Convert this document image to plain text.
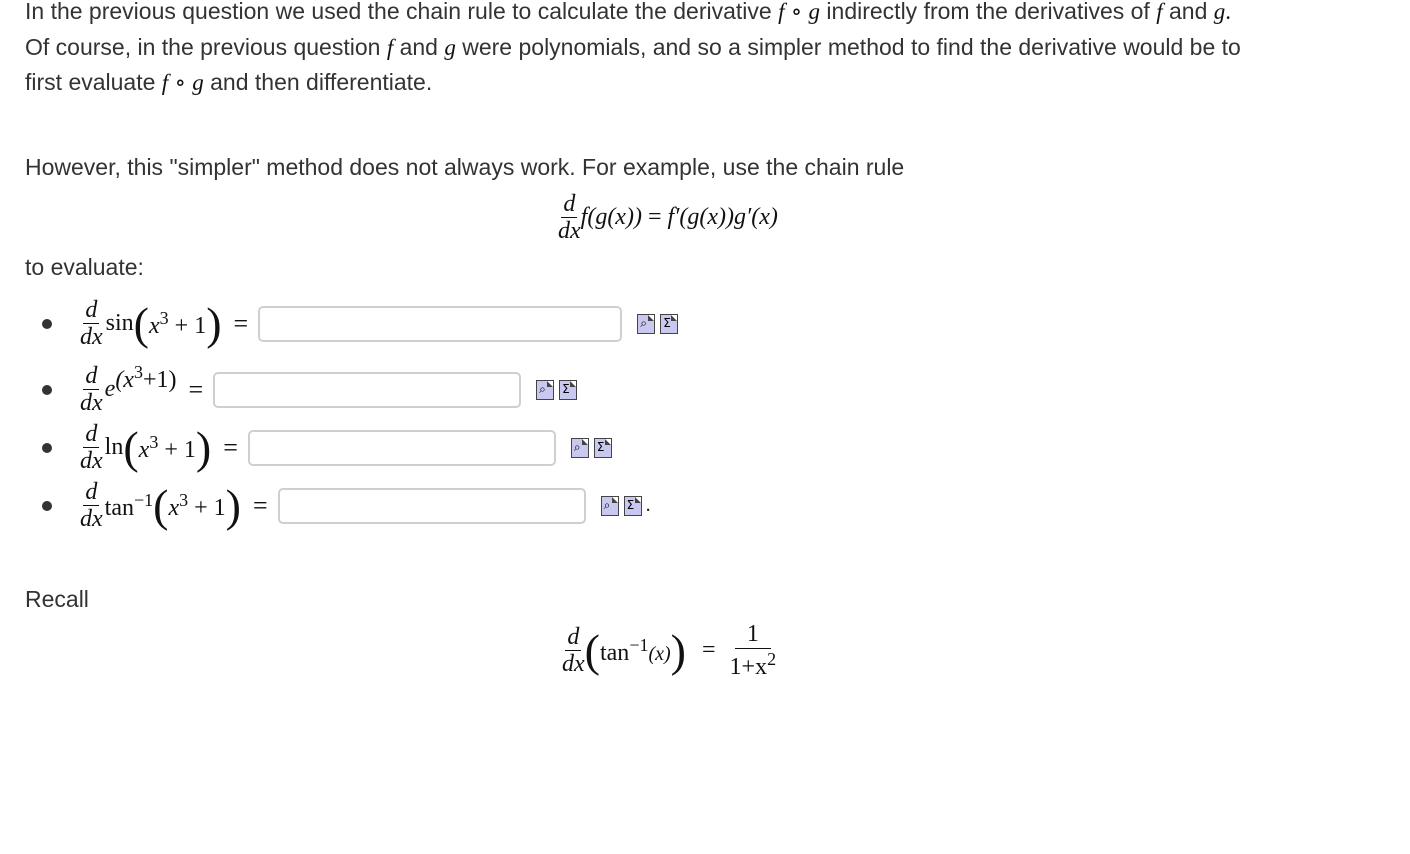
In the previous question we used the chain rule to calculate the derivative f ∘ g indirectly from the derivatives of f and g.
Of course, in the previous question f and g were polynomials, and so a simpler method to find the derivative would be to
first evaluate f ∘ g and then differentiate.
However, this "simpler" method does not always work. For example, use the chain rule
$\frac{d}{dx} f(g(x)) = f'(g(x))g'(x)$
to evaluate:
$\frac{d}{dx}$ sin ( $x^3 + 1$ ) =	⌕ Σ
$\frac{d}{dx}$ e $(x^3+1)$ =	⌕ Σ
$\frac{d}{dx}$ ln ( $x^3 + 1$ ) =	⌕ Σ
$\frac{d}{dx} \tan^{-1}$ ( $x^3 + 1$ ) =	⌕ Σ .
Recall
$\frac{d}{dx}$ ( $\tan^{-1}(x)$ ) = $\frac{1}{1+x^2}$
